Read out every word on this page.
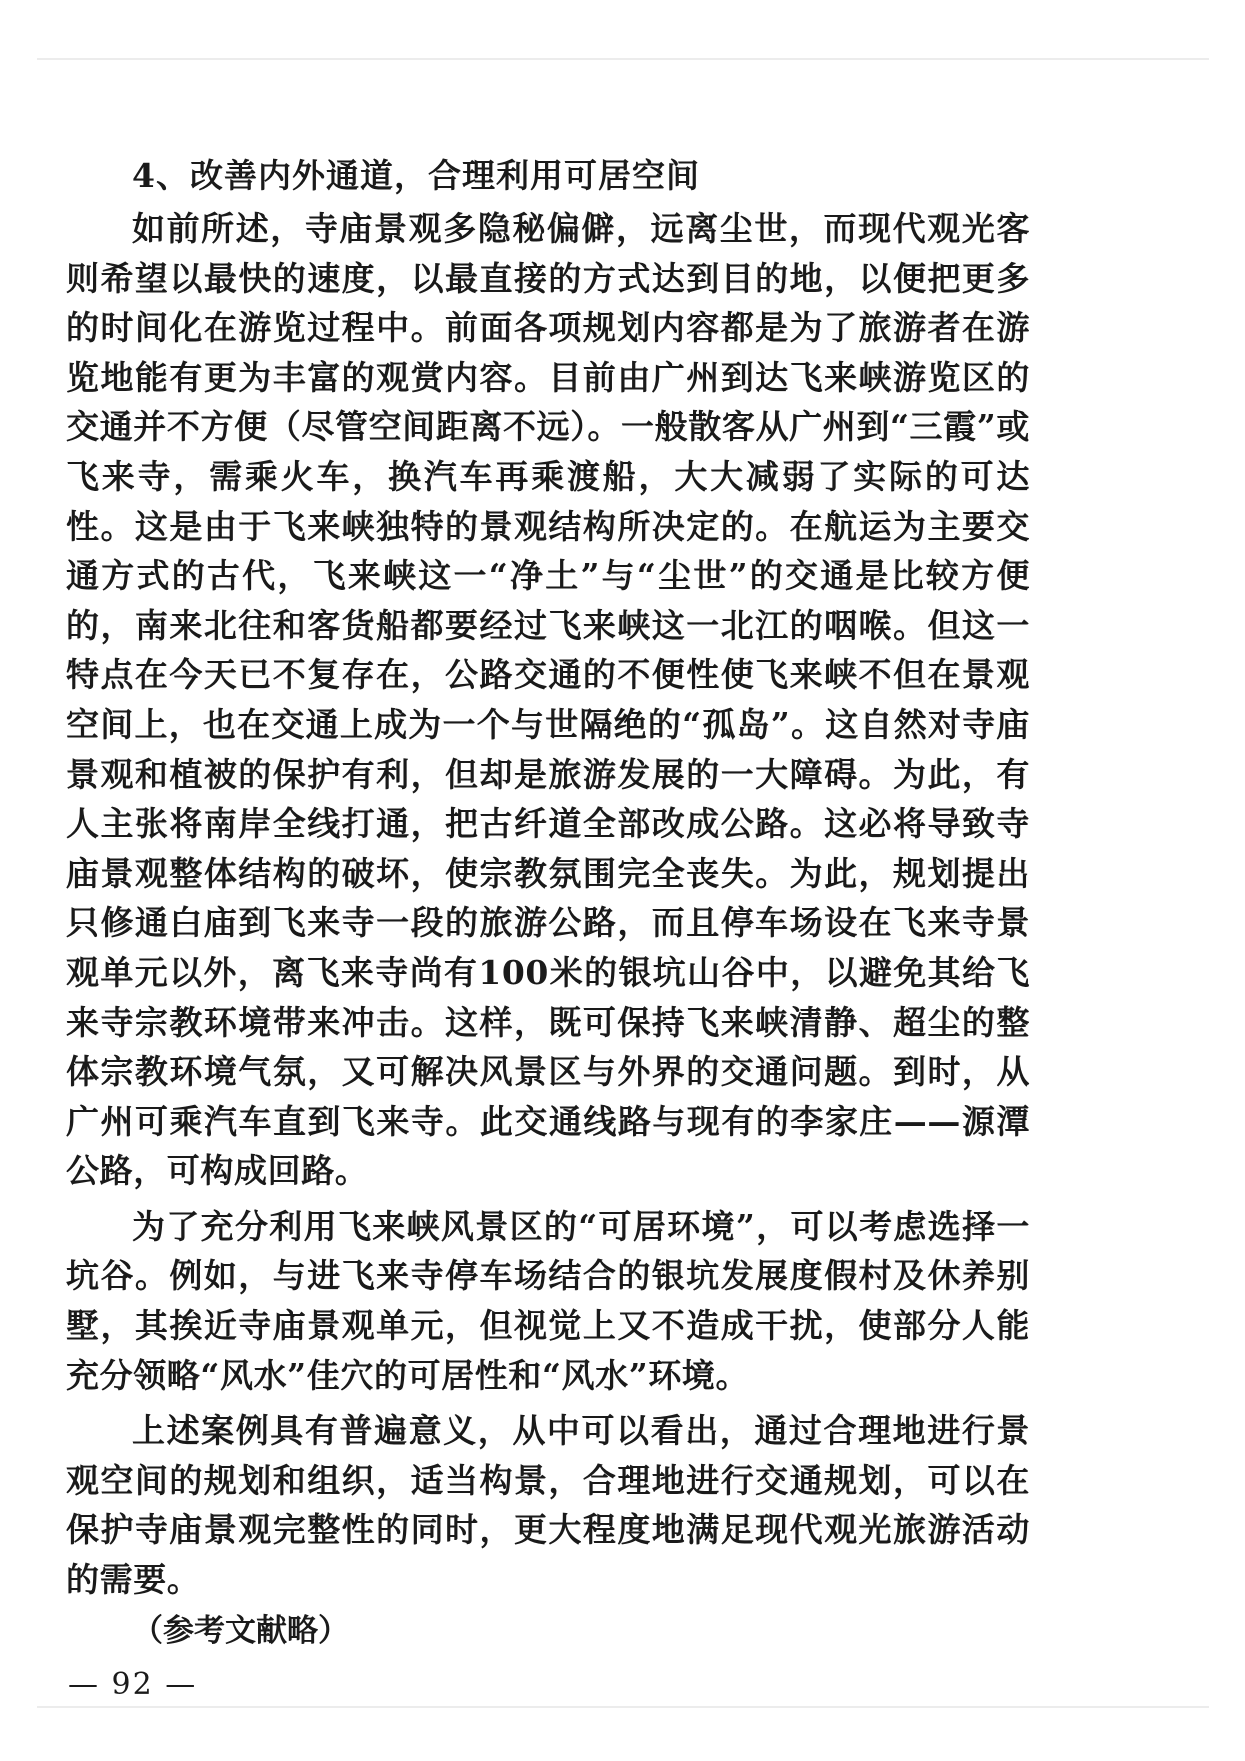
4、改善内外通道，合理利用可居空间

如前所述，寺庙景观多隐秘偏僻，远离尘世，而现代观光客则希望以最快的速度，以最直接的方式达到目的地，以便把更多的时间化在游览过程中。前面各项规划内容都是为了旅游者在游览地能有更为丰富的观赏内容。目前由广州到达飞来峡游览区的交通并不方便（尽管空间距离不远）。一般散客从广州到“三霞”或飞来寺，需乘火车，换汽车再乘渡船，大大减弱了实际的可达性。这是由于飞来峡独特的景观结构所决定的。在航运为主要交通方式的古代，飞来峡这一“净土”与“尘世”的交通是比较方便的，南来北往和客货船都要经过飞来峡这一北江的咽喉。但这一特点在今天已不复存在，公路交通的不便性使飞来峡不但在景观空间上，也在交通上成为一个与世隔绝的“孤岛”。这自然对寺庙景观和植被的保护有利，但却是旅游发展的一大障碍。为此，有人主张将南岸全线打通，把古纤道全部改成公路。这必将导致寺庙景观整体结构的破坏，使宗教氛围完全丧失。为此，规划提出只修通白庙到飞来寺一段的旅游公路，而且停车场设在飞来寺景观单元以外，离飞来寺尚有100米的银坑山谷中，以避免其给飞来寺宗教环境带来冲击。这样，既可保持飞来峡清静、超尘的整体宗教环境气氛，又可解决风景区与外界的交通问题。到时，从广州可乘汽车直到飞来寺。此交通线路与现有的李家庄——源潭公路，可构成回路。

为了充分利用飞来峡风景区的“可居环境”，可以考虑选择一坑谷。例如，与进飞来寺停车场结合的银坑发展度假村及休养别墅，其挨近寺庙景观单元，但视觉上又不造成干扰，使部分人能充分领略“风水”佳穴的可居性和“风水”环境。

上述案例具有普遍意义，从中可以看出，通过合理地进行景观空间的规划和组织，适当构景，合理地进行交通规划，可以在保护寺庙景观完整性的同时，更大程度地满足现代观光旅游活动的需要。

（参考文献略）

— 92 —
